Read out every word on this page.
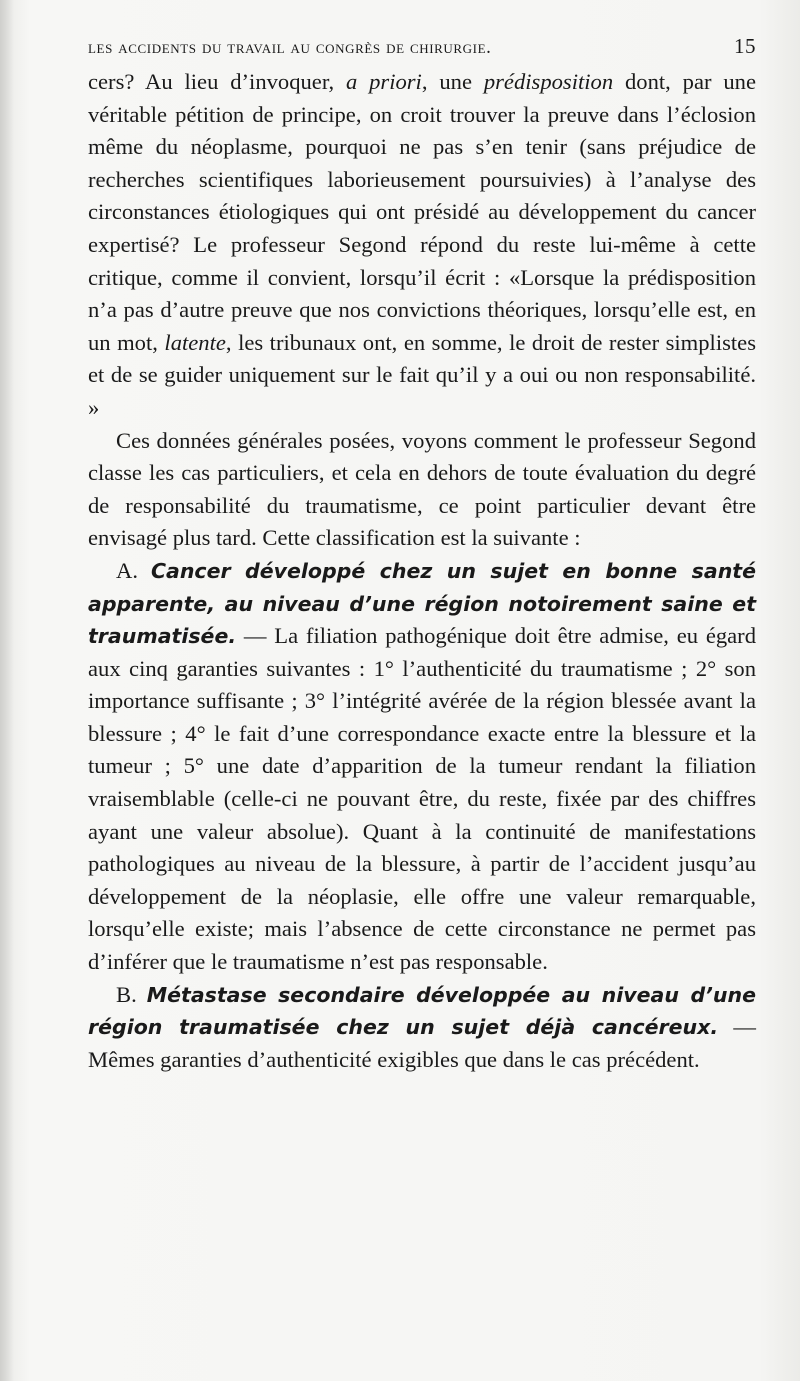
les accidents du travail au congrès de chirurgie.	15

cers? Au lieu d’invoquer, a priori, une prédisposition dont, par une véritable pétition de principe, on croit trouver la preuve dans l’éclosion même du néoplasme, pourquoi ne pas s’en tenir (sans préjudice de recherches scientifiques laborieusement poursuivies) à l’analyse des circonstances étiologiques qui ont présidé au développement du cancer expertisé? Le professeur Segond répond du reste lui-même à cette critique, comme il convient, lorsqu’il écrit : «Lorsque la prédisposition n’a pas d’autre preuve que nos convictions théoriques, lorsqu’elle est, en un mot, latente, les tribunaux ont, en somme, le droit de rester simplistes et de se guider uniquement sur le fait qu’il y a oui ou non responsabilité. »

Ces données générales posées, voyons comment le professeur Segond classe les cas particuliers, et cela en dehors de toute évaluation du degré de responsabilité du traumatisme, ce point particulier devant être envisagé plus tard. Cette classification est la suivante :

A. Cancer développé chez un sujet en bonne santé apparente, au niveau d’une région notoirement saine et traumatisée. — La filiation pathogénique doit être admise, eu égard aux cinq garanties suivantes : 1° l’authenticité du traumatisme ; 2° son importance suffisante ; 3° l’intégrité avérée de la région blessée avant la blessure ; 4° le fait d’une correspondance exacte entre la blessure et la tumeur ; 5° une date d’apparition de la tumeur rendant la filiation vraisemblable (celle-ci ne pouvant être, du reste, fixée par des chiffres ayant une valeur absolue). Quant à la continuité de manifestations pathologiques au niveau de la blessure, à partir de l’accident jusqu’au développement de la néoplasie, elle offre une valeur remarquable, lorsqu’elle existe; mais l’absence de cette circonstance ne permet pas d’inférer que le traumatisme n’est pas responsable.

B. Métastase secondaire développée au niveau d’une région traumatisée chez un sujet déjà cancéreux. — Mêmes garanties d’authenticité exigibles que dans le cas précédent.
